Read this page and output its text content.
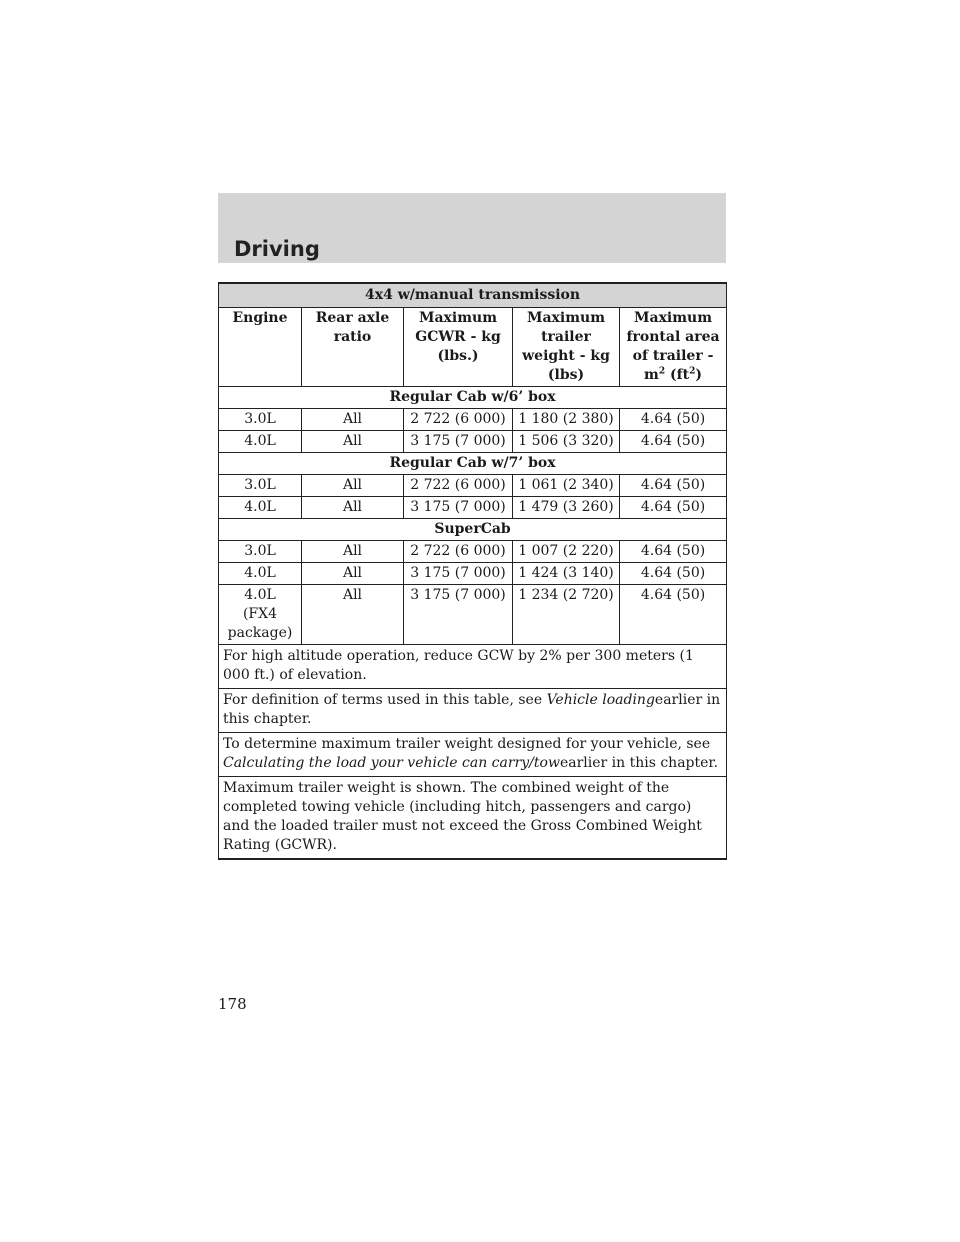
Driving
4x4 w/manual transmission				
Engine	Rear axle ratio	Maximum GCWR - kg (lbs.)	Maximum trailer weight - kg (lbs)	Maximum frontal area of trailer - $m^2$ $(ft^2)$
Regular Cab w/6’ box				
3.0L	All	2 722 (6 000)	1 180 (2 380)	4.64 (50)
4.0L	All	3 175 (7 000)	1 506 (3 320)	4.64 (50)
Regular Cab w/7’ box				
3.0L	All	2 722 (6 000)	1 061 (2 340)	4.64 (50)
4.0L	All	3 175 (7 000)	1 479 (3 260)	4.64 (50)
SuperCab				
3.0L	All	2 722 (6 000)	1 007 (2 220)	4.64 (50)
4.0L	All	3 175 (7 000)	1 424 (3 140)	4.64 (50)
4.0L (FX4 package)	All	3 175 (7 000)	1 234 (2 720)	4.64 (50)
For high altitude operation, reduce GCW by 2% per 300 meters (1 000 ft.) of elevation.				
For definition of terms used in this table, see Vehicle loadingearlier in this chapter.				
To determine maximum trailer weight designed for your vehicle, see Calculating the load your vehicle can carry/towearlier in this chapter.				
Maximum trailer weight is shown. The combined weight of the completed towing vehicle (including hitch, passengers and cargo) and the loaded trailer must not exceed the Gross Combined Weight Rating (GCWR).				
178
